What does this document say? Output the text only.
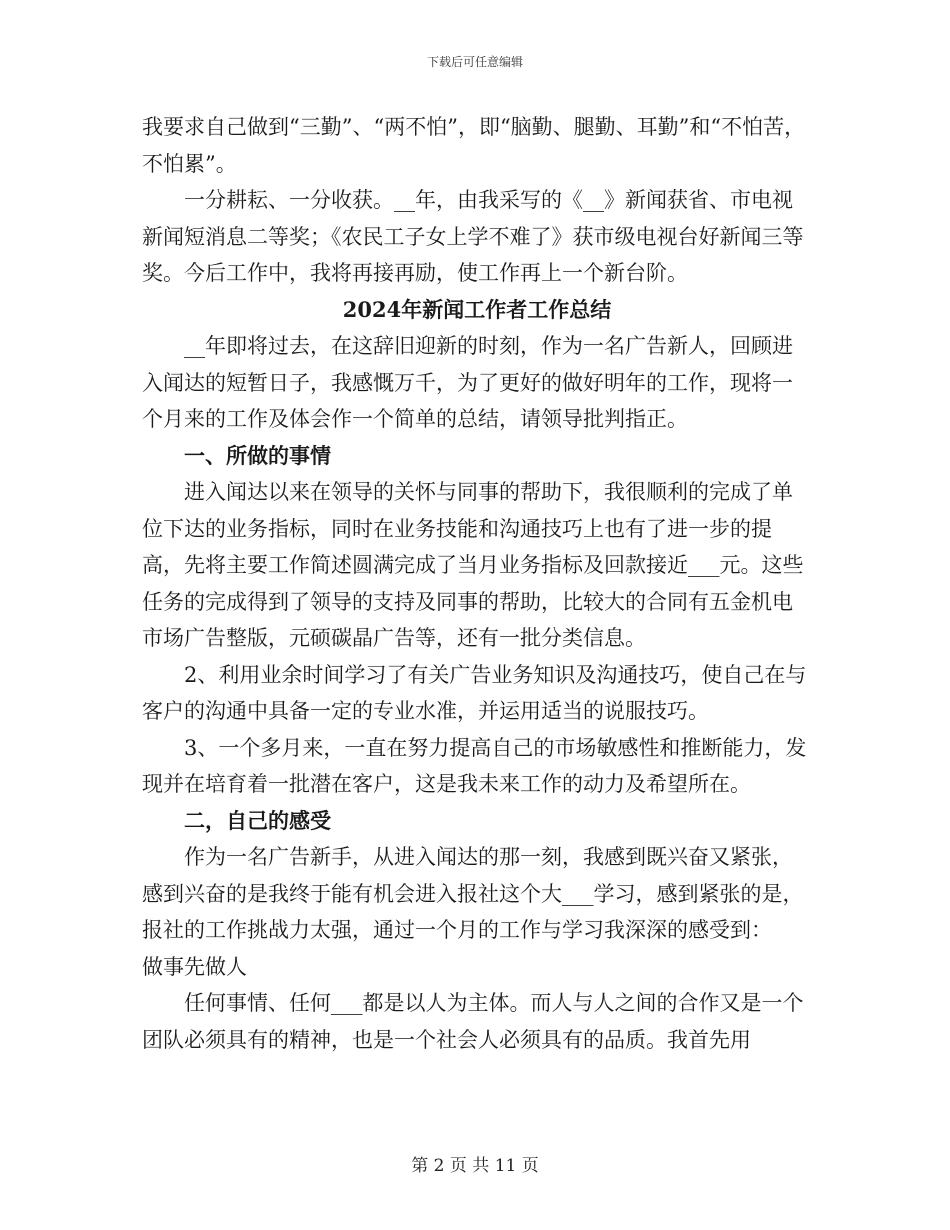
下载后可任意编辑

我要求自己做到“三勤”、“两不怕”，即“脑勤、腿勤、耳勤”和“不怕苦，不怕累”。

一分耕耘、一分收获。__年，由我采写的《__》新闻获省、市电视新闻短消息二等奖；《农民工子女上学不难了》获市级电视台好新闻三等奖。今后工作中，我将再接再励，使工作再上一个新台阶。

2024年新闻工作者工作总结

__年即将过去，在这辞旧迎新的时刻，作为一名广告新人，回顾进入闻达的短暂日子，我感慨万千，为了更好的做好明年的工作，现将一个月来的工作及体会作一个简单的总结，请领导批判指正。

一、所做的事情

进入闻达以来在领导的关怀与同事的帮助下，我很顺利的完成了单位下达的业务指标，同时在业务技能和沟通技巧上也有了进一步的提高，先将主要工作简述圆满完成了当月业务指标及回款接近___元。这些任务的完成得到了领导的支持及同事的帮助，比较大的合同有五金机电市场广告整版，元硕碳晶广告等，还有一批分类信息。

2、利用业余时间学习了有关广告业务知识及沟通技巧，使自己在与客户的沟通中具备一定的专业水准，并运用适当的说服技巧。

3、一个多月来，一直在努力提高自己的市场敏感性和推断能力，发现并在培育着一批潜在客户，这是我未来工作的动力及希望所在。

二，自己的感受

作为一名广告新手，从进入闻达的那一刻，我感到既兴奋又紧张，感到兴奋的是我终于能有机会进入报社这个大___学习，感到紧张的是，报社的工作挑战力太强，通过一个月的工作与学习我深深的感受到：

做事先做人

任何事情、任何___都是以人为主体。而人与人之间的合作又是一个团队必须具有的精神，也是一个社会人必须具有的品质。我首先用

第 2 页 共 11 页
